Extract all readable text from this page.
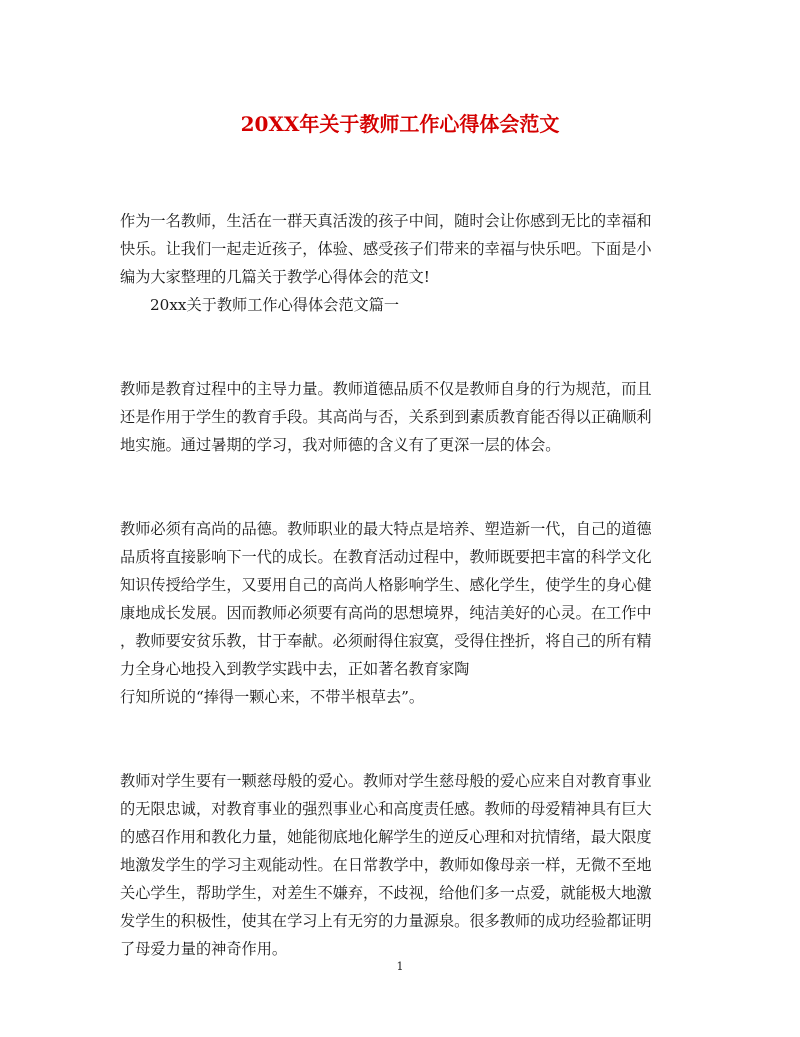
20XX年关于教师工作心得体会范文
作为一名教师，生活在一群天真活泼的孩子中间，随时会让你感到无比的幸福和
快乐。让我们一起走近孩子，体验、感受孩子们带来的幸福与快乐吧。下面是小
编为大家整理的几篇关于教学心得体会的范文!
20xx关于教师工作心得体会范文篇一
教师是教育过程中的主导力量。教师道德品质不仅是教师自身的行为规范，而且
还是作用于学生的教育手段。其高尚与否，关系到到素质教育能否得以正确顺利
地实施。通过暑期的学习，我对师德的含义有了更深一层的体会。
教师必须有高尚的品德。教师职业的最大特点是培养、塑造新一代，自己的道德
品质将直接影响下一代的成长。在教育活动过程中，教师既要把丰富的科学文化
知识传授给学生，又要用自己的高尚人格影响学生、感化学生，使学生的身心健
康地成长发展。因而教师必须要有高尚的思想境界，纯洁美好的心灵。在工作中
，教师要安贫乐教，甘于奉献。必须耐得住寂寞，受得住挫折，将自己的所有精
力全身心地投入到教学实践中去，正如著名教育家陶
行知所说的“捧得一颗心来，不带半根草去”。
教师对学生要有一颗慈母般的爱心。教师对学生慈母般的爱心应来自对教育事业
的无限忠诚，对教育事业的强烈事业心和高度责任感。教师的母爱精神具有巨大
的感召作用和教化力量，她能彻底地化解学生的逆反心理和对抗情绪，最大限度
地激发学生的学习主观能动性。在日常教学中，教师如像母亲一样，无微不至地
关心学生，帮助学生，对差生不嫌弃，不歧视，给他们多一点爱，就能极大地激
发学生的积极性，使其在学习上有无穷的力量源泉。很多教师的成功经验都证明
了母爱力量的神奇作用。
1
